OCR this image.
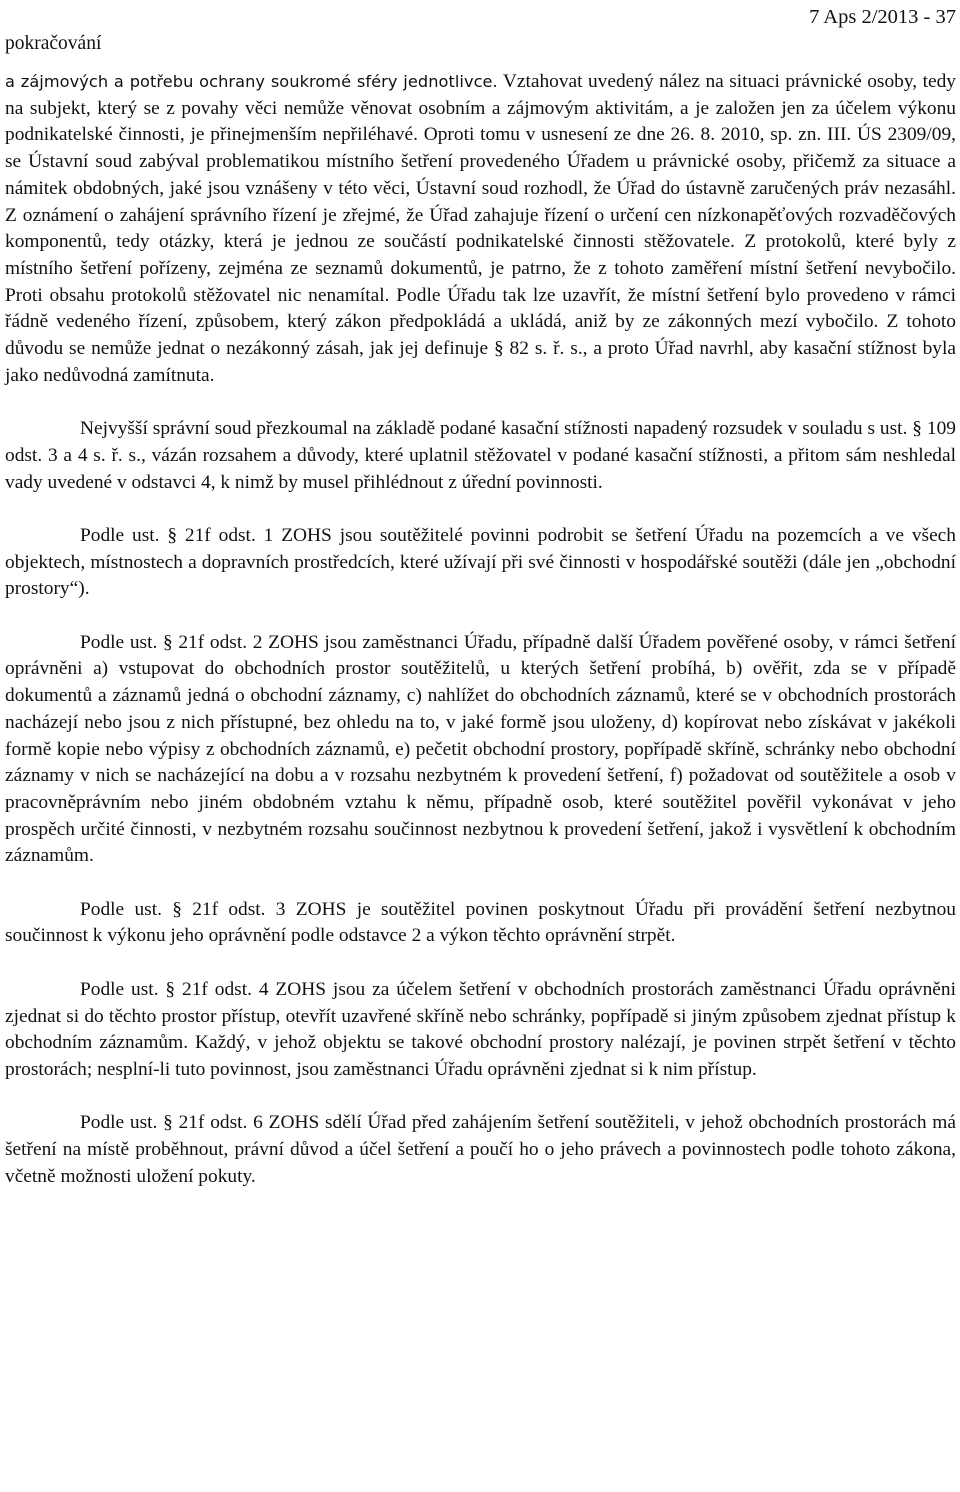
pokračování
7 Aps 2/2013 - 37

a zájmových a potřebu ochrany soukromé sféry jednotlivce. Vztahovat uvedený nález na situaci právnické osoby, tedy na subjekt, který se z povahy věci nemůže věnovat osobním a zájmovým aktivitám, a je založen jen za účelem výkonu podnikatelské činnosti, je přinejmenším nepřiléhavé. Oproti tomu v usnesení ze dne 26. 8. 2010, sp. zn. III. ÚS 2309/09, se Ústavní soud zabýval problematikou místního šetření provedeného Úřadem u právnické osoby, přičemž za situace a námitek obdobných, jaké jsou vznášeny v této věci, Ústavní soud rozhodl, že Úřad do ústavně zaručených práv nezasáhl. Z oznámení o zahájení správního řízení je zřejmé, že Úřad zahajuje řízení o určení cen nízkonapěťových rozvaděčových komponentů, tedy otázky, která je jednou ze součástí podnikatelské činnosti stěžovatele. Z protokolů, které byly z místního šetření pořízeny, zejména ze seznamů dokumentů, je patrno, že z tohoto zaměření místní šetření nevybočilo. Proti obsahu protokolů stěžovatel nic nenamítal. Podle Úřadu tak lze uzavřít, že místní šetření bylo provedeno v rámci řádně vedeného řízení, způsobem, který zákon předpokládá a ukládá, aniž by ze zákonných mezí vybočilo. Z tohoto důvodu se nemůže jednat o nezákonný zásah, jak jej definuje § 82 s. ř. s., a proto Úřad navrhl, aby kasační stížnost byla jako nedůvodná zamítnuta.

Nejvyšší správní soud přezkoumal na základě podané kasační stížnosti napadený rozsudek v souladu s ust. § 109 odst. 3 a 4 s. ř. s., vázán rozsahem a důvody, které uplatnil stěžovatel v podané kasační stížnosti, a přitom sám neshledal vady uvedené v odstavci 4, k nimž by musel přihlédnout z úřední povinnosti.

Podle ust. § 21f odst. 1 ZOHS jsou soutěžitelé povinni podrobit se šetření Úřadu na pozemcích a ve všech objektech, místnostech a dopravních prostředcích, které užívají při své činnosti v hospodářské soutěži (dále jen „obchodní prostory“).

Podle ust. § 21f odst. 2 ZOHS jsou zaměstnanci Úřadu, případně další Úřadem pověřené osoby, v rámci šetření oprávněni a) vstupovat do obchodních prostor soutěžitelů, u kterých šetření probíhá, b) ověřit, zda se v případě dokumentů a záznamů jedná o obchodní záznamy, c) nahlížet do obchodních záznamů, které se v obchodních prostorách nacházejí nebo jsou z nich přístupné, bez ohledu na to, v jaké formě jsou uloženy, d) kopírovat nebo získávat v jakékoli formě kopie nebo výpisy z obchodních záznamů, e) pečetit obchodní prostory, popřípadě skříně, schránky nebo obchodní záznamy v nich se nacházející na dobu a v rozsahu nezbytném k provedení šetření, f) požadovat od soutěžitele a osob v pracovněprávním nebo jiném obdobném vztahu k němu, případně osob, které soutěžitel pověřil vykonávat v jeho prospěch určité činnosti, v nezbytném rozsahu součinnost nezbytnou k provedení šetření, jakož i vysvětlení k obchodním záznamům.

Podle ust. § 21f odst. 3 ZOHS je soutěžitel povinen poskytnout Úřadu při provádění šetření nezbytnou součinnost k výkonu jeho oprávnění podle odstavce 2 a výkon těchto oprávnění strpět.

Podle ust. § 21f odst. 4 ZOHS jsou za účelem šetření v obchodních prostorách zaměstnanci Úřadu oprávněni zjednat si do těchto prostor přístup, otevřít uzavřené skříně nebo schránky, popřípadě si jiným způsobem zjednat přístup k obchodním záznamům. Každý, v jehož objektu se takové obchodní prostory nalézají, je povinen strpět šetření v těchto prostorách; nesplní-li tuto povinnost, jsou zaměstnanci Úřadu oprávněni zjednat si k nim přístup.

Podle ust. § 21f odst. 6 ZOHS sdělí Úřad před zahájením šetření soutěžiteli, v jehož obchodních prostorách má šetření na místě proběhnout, právní důvod a účel šetření a poučí ho o jeho právech a povinnostech podle tohoto zákona, včetně možnosti uložení pokuty.
